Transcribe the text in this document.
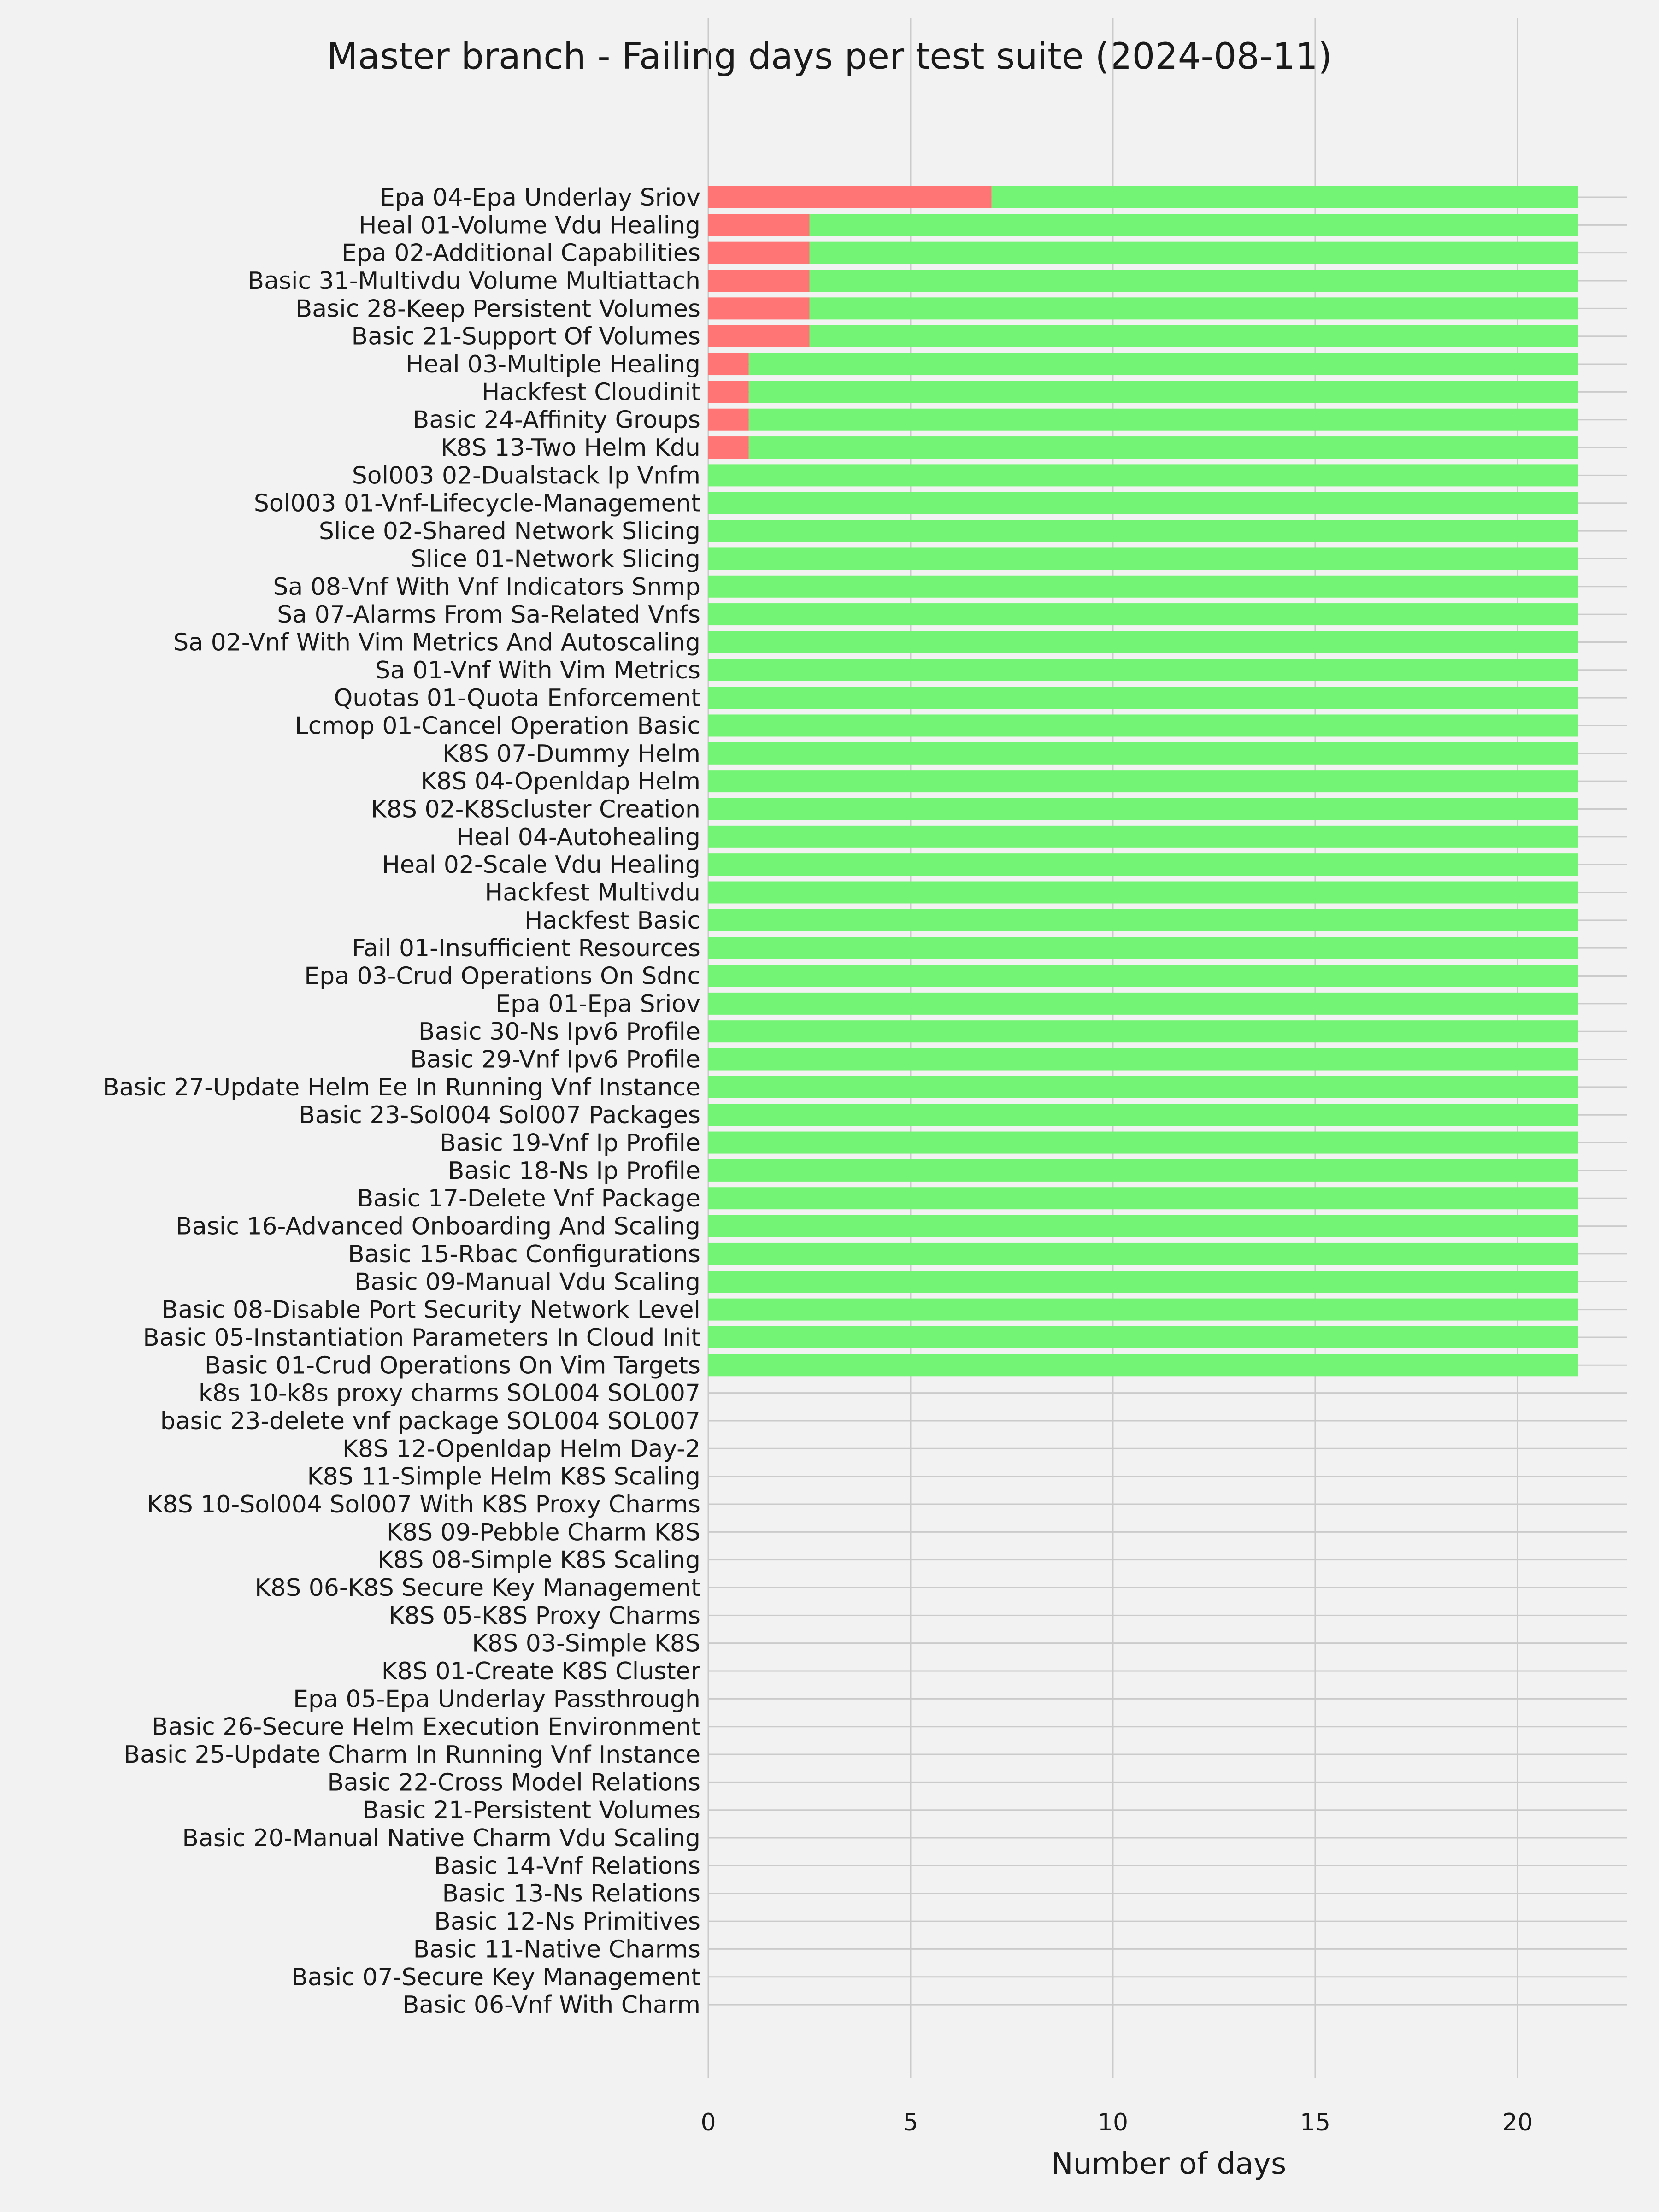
Master branch - Failing days per test suite (2024-08-11)
Epa 04-Epa Underlay Sriov
Heal 01-Volume Vdu Healing
Epa 02-Additional Capabilities
Basic 31-Multivdu Volume Multiattach
Basic 28-Keep Persistent Volumes
Basic 21-Support Of Volumes
Heal 03-Multiple Healing
Hackfest Cloudinit
Basic 24-Affinity Groups
K8S 13-Two Helm Kdu
Sol003 02-Dualstack Ip Vnfm
Sol003 01-Vnf-Lifecycle-Management
Slice 02-Shared Network Slicing
Slice 01-Network Slicing
Sa 08-Vnf With Vnf Indicators Snmp
Sa 07-Alarms From Sa-Related Vnfs
Sa 02-Vnf With Vim Metrics And Autoscaling
Sa 01-Vnf With Vim Metrics
Quotas 01-Quota Enforcement
Lcmop 01-Cancel Operation Basic
K8S 07-Dummy Helm
K8S 04-Openldap Helm
K8S 02-K8Scluster Creation
Heal 04-Autohealing
Heal 02-Scale Vdu Healing
Hackfest Multivdu
Hackfest Basic
Fail 01-Insufficient Resources
Epa 03-Crud Operations On Sdnc
Epa 01-Epa Sriov
Basic 30-Ns Ipv6 Profile
Basic 29-Vnf Ipv6 Profile
Basic 27-Update Helm Ee In Running Vnf Instance
Basic 23-Sol004 Sol007 Packages
Basic 19-Vnf Ip Profile
Basic 18-Ns Ip Profile
Basic 17-Delete Vnf Package
Basic 16-Advanced Onboarding And Scaling
Basic 15-Rbac Configurations
Basic 09-Manual Vdu Scaling
Basic 08-Disable Port Security Network Level
Basic 05-Instantiation Parameters In Cloud Init
Basic 01-Crud Operations On Vim Targets
k8s 10-k8s proxy charms SOL004 SOL007
basic 23-delete vnf package SOL004 SOL007
K8S 12-Openldap Helm Day-2
K8S 11-Simple Helm K8S Scaling
K8S 10-Sol004 Sol007 With K8S Proxy Charms
K8S 09-Pebble Charm K8S
K8S 08-Simple K8S Scaling
K8S 06-K8S Secure Key Management
K8S 05-K8S Proxy Charms
K8S 03-Simple K8S
K8S 01-Create K8S Cluster
Epa 05-Epa Underlay Passthrough
Basic 26-Secure Helm Execution Environment
Basic 25-Update Charm In Running Vnf Instance
Basic 22-Cross Model Relations
Basic 21-Persistent Volumes
Basic 20-Manual Native Charm Vdu Scaling
Basic 14-Vnf Relations
Basic 13-Ns Relations
Basic 12-Ns Primitives
Basic 11-Native Charms
Basic 07-Secure Key Management
Basic 06-Vnf With Charm
0	5	10	15	20
Number of days
